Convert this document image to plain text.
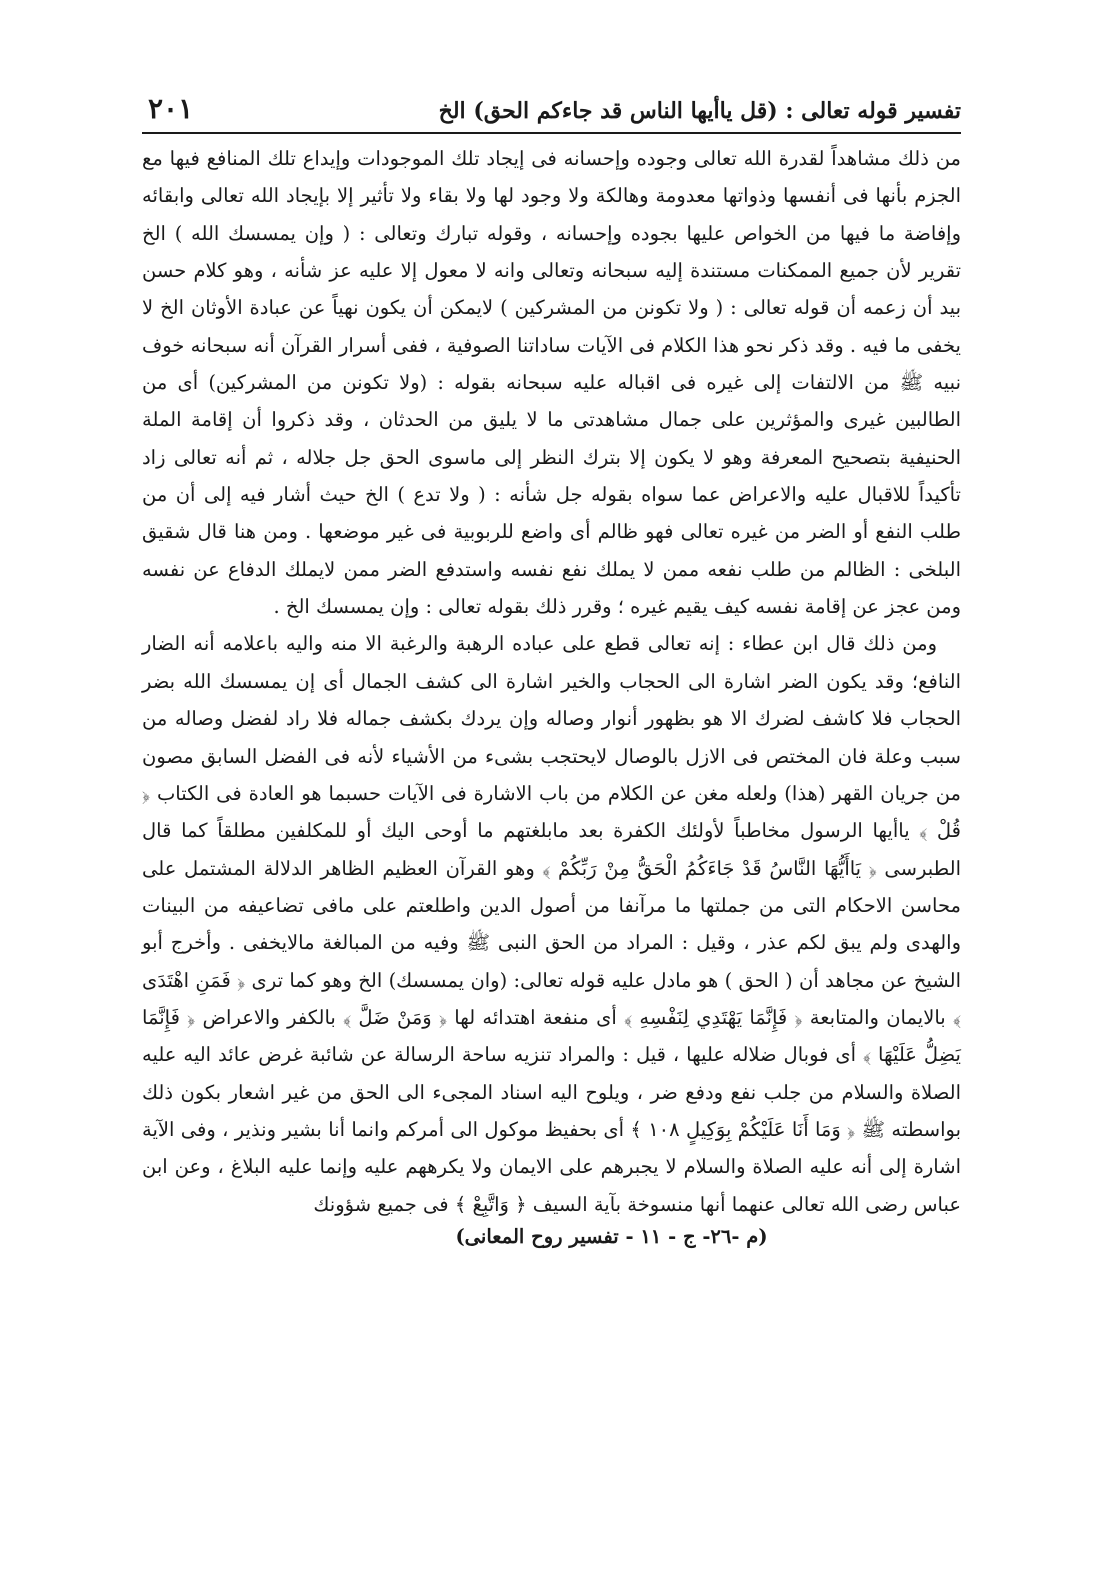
تفسير قوله تعالى : (قل ياأيها الناس قد جاءكم الحق) الخ
٢٠١

من ذلك مشاهداً لقدرة الله تعالى وجوده وإحسانه فى إيجاد تلك الموجودات وإيداع تلك المنافع فيها مع الجزم بأنها فى أنفسها وذواتها معدومة وهالكة ولا وجود لها ولا بقاء ولا تأثير إلا بإيجاد الله تعالى وابقائه وإفاضة ما فيها من الخواص عليها بجوده وإحسانه ، وقوله تبارك وتعالى : ( وإن يمسسك الله ) الخ تقرير لأن جميع الممكنات مستندة إليه سبحانه وتعالى وانه لا معول إلا عليه عز شأنه ، وهو كلام حسن بيد أن زعمه أن قوله تعالى : ( ولا تكونن من المشركين ) لايمكن أن يكون نهياً عن عبادة الأوثان الخ لا يخفى ما فيه . وقد ذكر نحو هذا الكلام فى الآيات ساداتنا الصوفية ، ففى أسرار القرآن أنه سبحانه خوف نبيه ﷺ من الالتفات إلى غيره فى اقباله عليه سبحانه بقوله : (ولا تكونن من المشركين) أى من الطالبين غيرى والمؤثرين على جمال مشاهدتى ما لا يليق من الحدثان ، وقد ذكروا أن إقامة الملة الحنيفية بتصحيح المعرفة وهو لا يكون إلا بترك النظر إلى ماسوى الحق جل جلاله ، ثم أنه تعالى زاد تأكيداً للاقبال عليه والاعراض عما سواه بقوله جل شأنه : ( ولا تدع ) الخ حيث أشار فيه إلى أن من طلب النفع أو الضر من غيره تعالى فهو ظالم أى واضع للربوبية فى غير موضعها . ومن هنا قال شقيق البلخى : الظالم من طلب نفعه ممن لا يملك نفع نفسه واستدفع الضر ممن لايملك الدفاع عن نفسه ومن عجز عن إقامة نفسه كيف يقيم غيره ؛ وقرر ذلك بقوله تعالى : وإن يمسسك الخ .

ومن ذلك قال ابن عطاء : إنه تعالى قطع على عباده الرهبة والرغبة الا منه واليه باعلامه أنه الضار النافع؛ وقد يكون الضر اشارة الى الحجاب والخير اشارة الى كشف الجمال أى إن يمسسك الله بضر الحجاب فلا كاشف لضرك الا هو بظهور أنوار وصاله وإن يردك بكشف جماله فلا راد لفضل وصاله من سبب وعلة فان المختص فى الازل بالوصال لايحتجب بشىء من الأشياء لأنه فى الفضل السابق مصون من جريان القهر (هذا) ولعله مغن عن الكلام من باب الاشارة فى الآيات حسبما هو العادة فى الكتاب ﴿ قُلْ ﴾ ياأيها الرسول مخاطباً لأولئك الكفرة بعد مابلغتهم ما أوحى اليك أو للمكلفين مطلقاً كما قال الطبرسى ﴿ يَاأَيُّهَا النَّاسُ قَدْ جَاءَكُمُ الْحَقُّ مِنْ رَبِّكُمْ ﴾ وهو القرآن العظيم الظاهر الدلالة المشتمل على محاسن الاحكام التى من جملتها ما مرآنفا من أصول الدين واطلعتم على مافى تضاعيفه من البينات والهدى ولم يبق لكم عذر ، وقيل : المراد من الحق النبى ﷺ وفيه من المبالغة مالايخفى . وأخرج أبو الشيخ عن مجاهد أن ( الحق ) هو مادل عليه قوله تعالى: (وان يمسسك) الخ وهو كما ترى ﴿ فَمَنِ اهْتَدَى ﴾ بالايمان والمتابعة ﴿ فَإِنَّمَا يَهْتَدِي لِنَفْسِهِ ﴾ أى منفعة اهتدائه لها ﴿ وَمَنْ ضَلَّ ﴾ بالكفر والاعراض ﴿ فَإِنَّمَا يَضِلُّ عَلَيْهَا ﴾ أى فوبال ضلاله عليها ، قيل : والمراد تنزيه ساحة الرسالة عن شائبة غرض عائد اليه عليه الصلاة والسلام من جلب نفع ودفع ضر ، ويلوح اليه اسناد المجىء الى الحق من غير اشعار بكون ذلك بواسطته ﷺ ﴿ وَمَا أَنَا عَلَيْكُمْ بِوَكِيلٍ ١٠٨ ﴾ أى بحفيظ موكول الى أمركم وانما أنا بشير ونذير ، وفى الآية اشارة إلى أنه عليه الصلاة والسلام لا يجبرهم على الايمان ولا يكرههم عليه وإنما عليه البلاغ ، وعن ابن عباس رضى الله تعالى عنهما أنها منسوخة بآية السيف ﴿ وَاتَّبِعْ ﴾ فى جميع شؤونك

(م -٢٦- ج - ١١ - تفسير روح المعانى)
